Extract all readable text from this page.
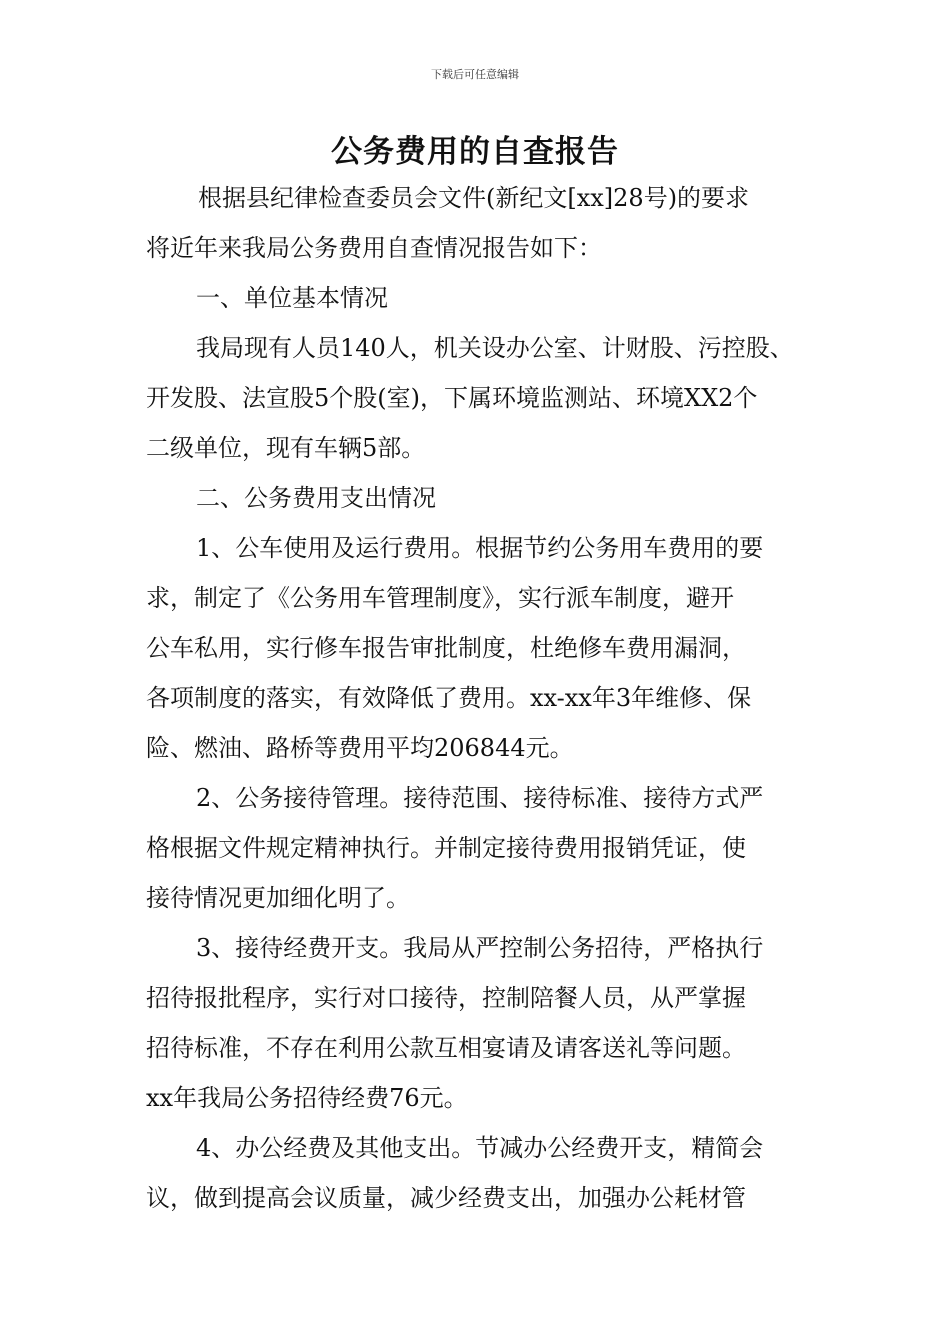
下载后可任意编辑
公务费用的自查报告
根据县纪律检查委员会文件(新纪文[xx]28号)的要求
将近年来我局公务费用自查情况报告如下：
一、单位基本情况
我局现有人员140人，机关设办公室、计财股、污控股、
开发股、法宣股5个股(室)，下属环境监测站、环境XX2个
二级单位，现有车辆5部。
二、公务费用支出情况
1、公车使用及运行费用。根据节约公务用车费用的要
求，制定了《公务用车管理制度》，实行派车制度，避开
公车私用，实行修车报告审批制度，杜绝修车费用漏洞，
各项制度的落实，有效降低了费用。xx-xx年3年维修、保
险、燃油、路桥等费用平均206844元。
2、公务接待管理。接待范围、接待标准、接待方式严
格根据文件规定精神执行。并制定接待费用报销凭证，使
接待情况更加细化明了。
3、接待经费开支。我局从严控制公务招待，严格执行
招待报批程序，实行对口接待，控制陪餐人员，从严掌握
招待标准，不存在利用公款互相宴请及请客送礼等问题。
xx年我局公务招待经费76元。
4、办公经费及其他支出。节减办公经费开支，精简会
议，做到提高会议质量，减少经费支出，加强办公耗材管
